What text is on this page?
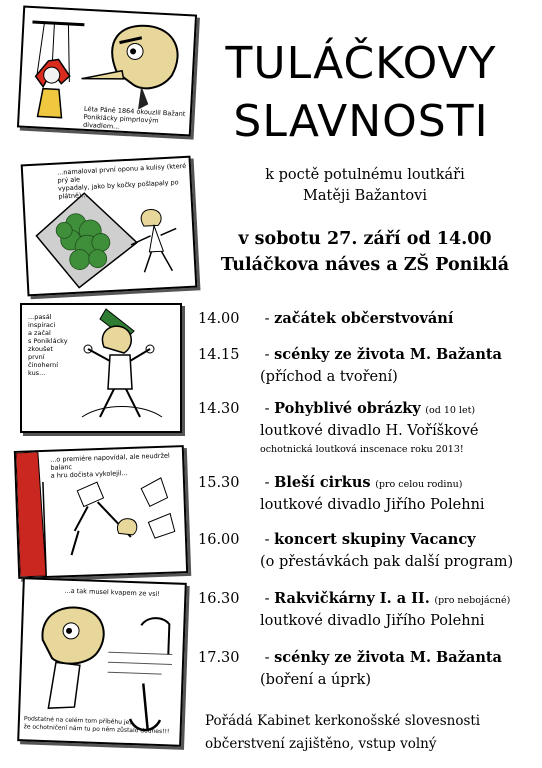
Léta Páně 1864 okouzlil Bažant
Poniklácky pimprlovým divadlem...
...namaloval první oponu a kulisy (které prý ale
vypadaly, jako by kočky pošlapaly po plátně)...
...pasál
inspiraci
a začal
s Poniklácky
zkoušet
první
činoherní
kus...
...o premiére napovídal, ale neudržel balanc
a hru dočista vykolejil...
...a tak musel kvapem ze vsi!
Podstatné na celém tom příběhu je,
že ochotničení nám tu po něm zůstalo dodnes!!!
TULÁČKOVY
SLAVNOSTI
k poctě potulnému loutkáři
Matěji Bažantovi
v sobotu 27. září od 14.00
Tuláčkova náves a ZŠ Poniklá
14.00 - začátek občerstvování
14.15 - scénky ze života M. Bažanta
(příchod a tvoření)
14.30 - Pohyblivé obrázky (od 10 let)
loutkové divadlo H. Voříškové
ochotnická loutková inscenace roku 2013!
15.30 - Bleší cirkus (pro celou rodinu)
loutkové divadlo Jiřího Polehni
16.00 - koncert skupiny Vacancy
(o přestávkách pak další program)
16.30 - Rakvičkárny I. a II. (pro nebojácné)
loutkové divadlo Jiřího Polehni
17.30 - scénky ze života M. Bažanta
(boření a úprk)
Pořádá Kabinet kerkonošské slovesnosti
občerstvení zajištěno, vstup volný
